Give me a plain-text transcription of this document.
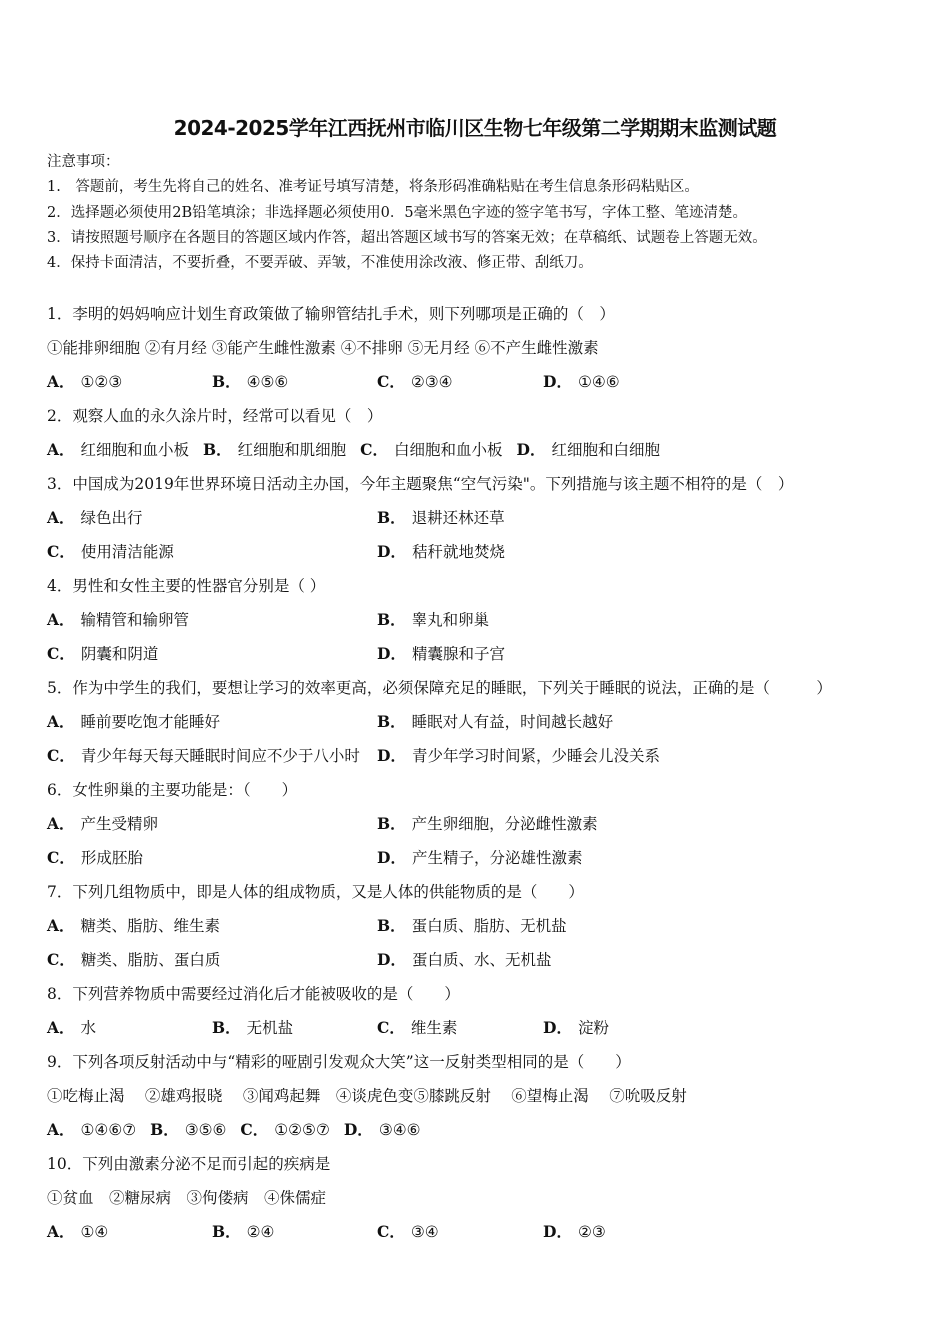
2024-2025学年江西抚州市临川区生物七年级第二学期期末监测试题
注意事项：
1.　答题前，考生先将自己的姓名、准考证号填写清楚，将条形码准确粘贴在考生信息条形码粘贴区。
2．选择题必须使用2B铅笔填涂；非选择题必须使用0．5毫米黑色字迹的签字笔书写，字体工整、笔迹清楚。
3．请按照题号顺序在各题目的答题区域内作答，超出答题区域书写的答案无效；在草稿纸、试题卷上答题无效。
4．保持卡面清洁，不要折叠，不要弄破、弄皱，不准使用涂改液、修正带、刮纸刀。
1．李明的妈妈响应计划生育政策做了输卵管结扎手术，则下列哪项是正确的（　）
①能排卵细胞 ②有月经 ③能产生雌性激素 ④不排卵 ⑤无月经 ⑥不产生雌性激素
A． ①②③	B． ④⑤⑥	C． ②③④	D． ①④⑥
2．观察人血的永久涂片时，经常可以看见（　）
A． 红细胞和血小板 B． 红细胞和肌细胞 C． 白细胞和血小板 D． 红细胞和白细胞
3．中国成为2019年世界环境日活动主办国，今年主题聚焦“空气污染"。下列措施与该主题不相符的是（　）
A． 绿色出行	B． 退耕还林还草
C． 使用清洁能源	D． 秸秆就地焚烧
4．男性和女性主要的性器官分别是（ ）
A． 输精管和输卵管	B． 睾丸和卵巢
C． 阴囊和阴道	D． 精囊腺和子宫
5．作为中学生的我们，要想让学习的效率更高，必须保障充足的睡眠，下列关于睡眠的说法，正确的是（　　　）
A． 睡前要吃饱才能睡好	B． 睡眠对人有益，时间越长越好
C． 青少年每天每天睡眠时间应不少于八小时 D． 青少年学习时间紧，少睡会儿没关系
6．女性卵巢的主要功能是：（　　）
A． 产生受精卵	B． 产生卵细胞，分泌雌性激素
C． 形成胚胎	D． 产生精子，分泌雄性激素
7．下列几组物质中，即是人体的组成物质，又是人体的供能物质的是（　　）
A． 糖类、脂肪、维生素	B． 蛋白质、脂肪、无机盐
C． 糖类、脂肪、蛋白质	D． 蛋白质、水、无机盐
8．下列营养物质中需要经过消化后才能被吸收的是（　　）
A． 水	B． 无机盐	C． 维生素	D． 淀粉
9．下列各项反射活动中与“精彩的哑剧引发观众大笑”这一反射类型相同的是（　　）
①吃梅止渴　 ②雄鸡报晓　 ③闻鸡起舞　④谈虎色变⑤膝跳反射　 ⑥望梅止渴　 ⑦吮吸反射
A． ①④⑥⑦ B． ③⑤⑥ C． ①②⑤⑦ D． ③④⑥
10．下列由激素分泌不足而引起的疾病是
①贫血　②糖尿病　③佝偻病　④侏儒症
A． ①④	B． ②④	C． ③④	D． ②③
